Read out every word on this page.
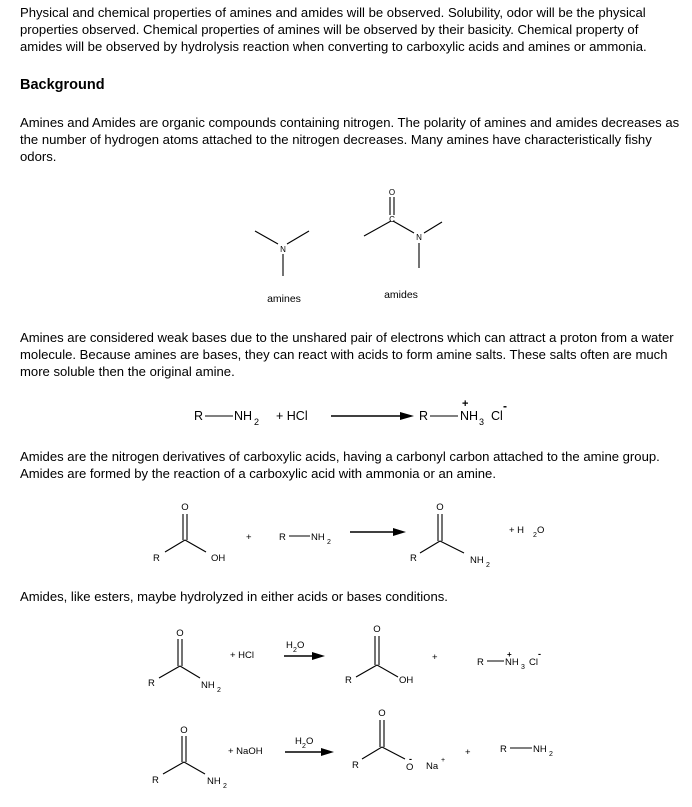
Physical and chemical properties of amines and amides will be observed. Solubility, odor will be the physical properties observed. Chemical properties of amines will be observed by their basicity. Chemical property of amides will be observed by hydrolysis reaction when converting to carboxylic acids and amines or ammonia.

Background

Amines and Amides are organic compounds containing nitrogen. The polarity of amines and amides decreases as the number of hydrogen atoms attached to the nitrogen decreases. Many amines have characteristically fishy odors.

Amines are considered weak bases due to the unshared pair of electrons which can attract a proton from a water molecule. Because amines are bases, they can react with acids to form amine salts. These salts often are much more soluble then the original amine.

Amides are the nitrogen derivatives of carboxylic acids, having a carbonyl carbon attached to the amine group. Amides are formed by the reaction of a carboxylic acid with ammonia or an amine.

Amides, like esters, maybe hydrolyzed in either acids or bases conditions.

N
amines
O
C
N
amides
R NH 2 + HCl	R
+
NH 3 Cl
-
O
R	OH
+	R	NH 2
O
R	NH 2
+ H 2 O
O
R	NH 2
+ HCl
H 2 O
O
R	OH
+	R
+
NH 3 Cl
-
O
R	NH 2
+ NaOH
H 2 O
O
R	O
-
Na
+
+	R	NH 2
